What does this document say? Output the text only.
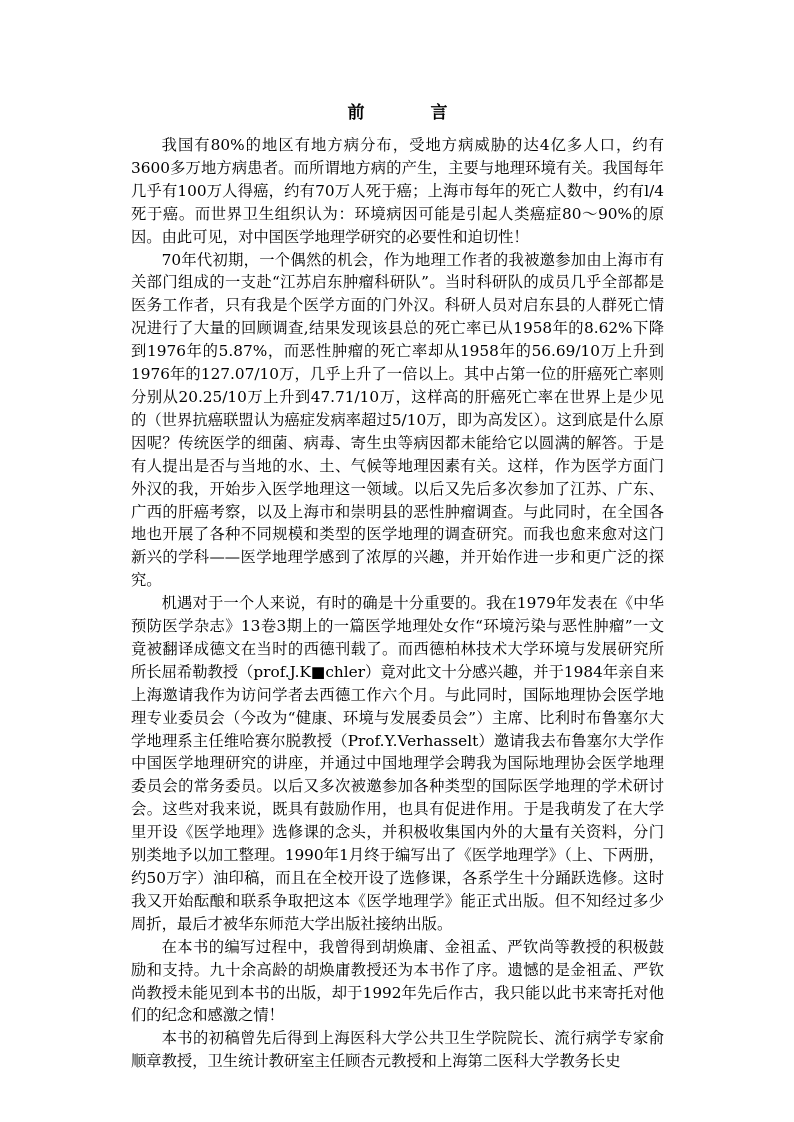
前 言

我国有80%的地区有地方病分布，受地方病威胁的达4亿多人口，约有3600多万地方病患者。而所谓地方病的产生，主要与地理环境有关。我国每年几乎有100万人得癌，约有70万人死于癌；上海市每年的死亡人数中，约有l/4死于癌。而世界卫生组织认为：环境病因可能是引起人类癌症80～90%的原因。由此可见，对中国医学地理学研究的必要性和迫切性！

70年代初期，一个偶然的机会，作为地理工作者的我被邀参加由上海市有关部门组成的一支赴“江苏启东肿瘤科研队”。当时科研队的成员几乎全部都是医务工作者，只有我是个医学方面的门外汉。科研人员对启东县的人群死亡情况进行了大量的回顾调查,结果发现该县总的死亡率已从1958年的8.62%下降到1976年的5.87%，而恶性肿瘤的死亡率却从1958年的56.69/10万上升到1976年的127.07/10万，几乎上升了一倍以上。其中占第一位的肝癌死亡率则分别从20.25/10万上升到47.71/10万，这样高的肝癌死亡率在世界上是少见的（世界抗癌联盟认为癌症发病率超过5/10万，即为高发区）。这到底是什么原因呢？传统医学的细菌、病毒、寄生虫等病因都未能给它以圆满的解答。于是有人提出是否与当地的水、土、气候等地理因素有关。这样，作为医学方面门外汉的我，开始步入医学地理这一领域。以后又先后多次参加了江苏、广东、广西的肝癌考察，以及上海市和崇明县的恶性肿瘤调查。与此同时，在全国各地也开展了各种不同规模和类型的医学地理的调查研究。而我也愈来愈对这门新兴的学科——医学地理学感到了浓厚的兴趣，并开始作进一步和更广泛的探究。

机遇对于一个人来说，有时的确是十分重要的。我在1979年发表在《中华预防医学杂志》13卷3期上的一篇医学地理处女作“环境污染与恶性肿瘤”一文竟被翻译成德文在当时的西德刊载了。而西德柏林技术大学环境与发展研究所所长屈希勒教授（prof.J.K■chler）竟对此文十分感兴趣，并于1984年亲自来上海邀请我作为访问学者去西德工作六个月。与此同时，国际地理协会医学地理专业委员会（今改为“健康、环境与发展委员会”）主席、比利时布鲁塞尔大学地理系主任维哈赛尔脱教授（Prof.Y.Verhasselt）邀请我去布鲁塞尔大学作中国医学地理研究的讲座，并通过中国地理学会聘我为国际地理协会医学地理委员会的常务委员。以后又多次被邀参加各种类型的国际医学地理的学术研讨会。这些对我来说，既具有鼓励作用，也具有促进作用。于是我萌发了在大学里开设《医学地理》选修课的念头，并积极收集国内外的大量有关资料，分门别类地予以加工整理。1990年1月终于编写出了《医学地理学》（上、下两册，约50万字）油印稿，而且在全校开设了选修课，各系学生十分踊跃选修。这时我又开始酝酿和联系争取把这本《医学地理学》能正式出版。但不知经过多少周折，最后才被华东师范大学出版社接纳出版。

在本书的编写过程中，我曾得到胡焕庸、金祖孟、严钦尚等教授的积极鼓励和支持。九十余高龄的胡焕庸教授还为本书作了序。遗憾的是金祖孟、严钦尚教授未能见到本书的出版，却于1992年先后作古，我只能以此书来寄托对他们的纪念和感激之情！

本书的初稿曾先后得到上海医科大学公共卫生学院院长、流行病学专家俞顺章教授，卫生统计教研室主任顾杏元教授和上海第二医科大学教务长史
